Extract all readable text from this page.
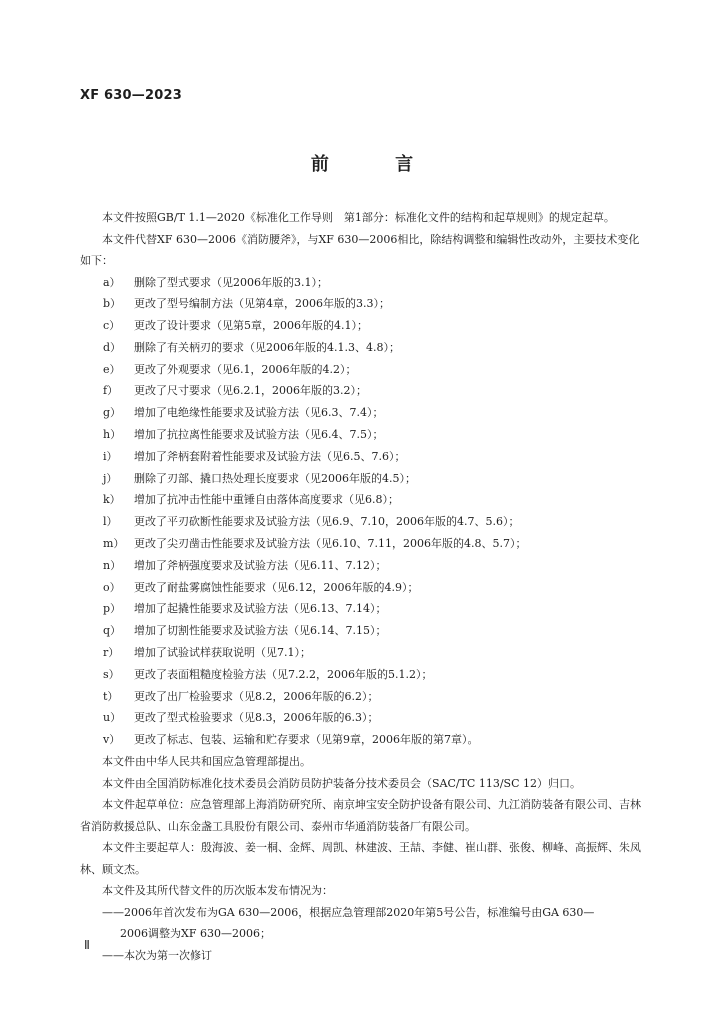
XF 630—2023
前 言

本文件按照GB/T 1.1—2020《标准化工作导则　第1部分：标准化文件的结构和起草规则》的规定起草。

本文件代替XF 630—2006《消防腰斧》，与XF 630—2006相比，除结构调整和编辑性改动外，主要技术变化如下：

a） 删除了型式要求（见2006年版的3.1）；
b） 更改了型号编制方法（见第4章，2006年版的3.3）；
c） 更改了设计要求（见第5章，2006年版的4.1）；
d） 删除了有关柄刃的要求（见2006年版的4.1.3、4.8）；
e） 更改了外观要求（见6.1，2006年版的4.2）；
f） 更改了尺寸要求（见6.2.1，2006年版的3.2）；
g） 增加了电绝缘性能要求及试验方法（见6.3、7.4）；
h） 增加了抗拉离性能要求及试验方法（见6.4、7.5）；
i） 增加了斧柄套附着性能要求及试验方法（见6.5、7.6）；
j） 删除了刃部、撬口热处理长度要求（见2006年版的4.5）；
k） 增加了抗冲击性能中重锤自由落体高度要求（见6.8）；
l） 更改了平刃砍断性能要求及试验方法（见6.9、7.10，2006年版的4.7、5.6）；
m） 更改了尖刃凿击性能要求及试验方法（见6.10、7.11，2006年版的4.8、5.7）；
n） 增加了斧柄强度要求及试验方法（见6.11、7.12）；
o） 更改了耐盐雾腐蚀性能要求（见6.12，2006年版的4.9）；
p） 增加了起撬性能要求及试验方法（见6.13、7.14）；
q） 增加了切割性能要求及试验方法（见6.14、7.15）；
r） 增加了试验试样获取说明（见7.1）；
s） 更改了表面粗糙度检验方法（见7.2.2，2006年版的5.1.2）；
t） 更改了出厂检验要求（见8.2，2006年版的6.2）；
u） 更改了型式检验要求（见8.3，2006年版的6.3）；
v） 更改了标志、包装、运输和贮存要求（见第9章，2006年版的第7章）。

本文件由中华人民共和国应急管理部提出。

本文件由全国消防标准化技术委员会消防员防护装备分技术委员会（SAC/TC 113/SC 12）归口。

本文件起草单位：应急管理部上海消防研究所、南京坤宝安全防护设备有限公司、九江消防装备有限公司、吉林省消防救援总队、山东金盏工具股份有限公司、泰州市华通消防装备厂有限公司。

本文件主要起草人：殷海波、姜一桐、金辉、周凯、林建波、王喆、李健、崔山群、张俊、柳峰、高振辉、朱凤林、顾文杰。

本文件及其所代替文件的历次版本发布情况为：

——2006年首次发布为GA 630—2006，根据应急管理部2020年第5号公告，标准编号由GA 630—

2006调整为XF 630—2006；

——本次为第一次修订

Ⅱ
